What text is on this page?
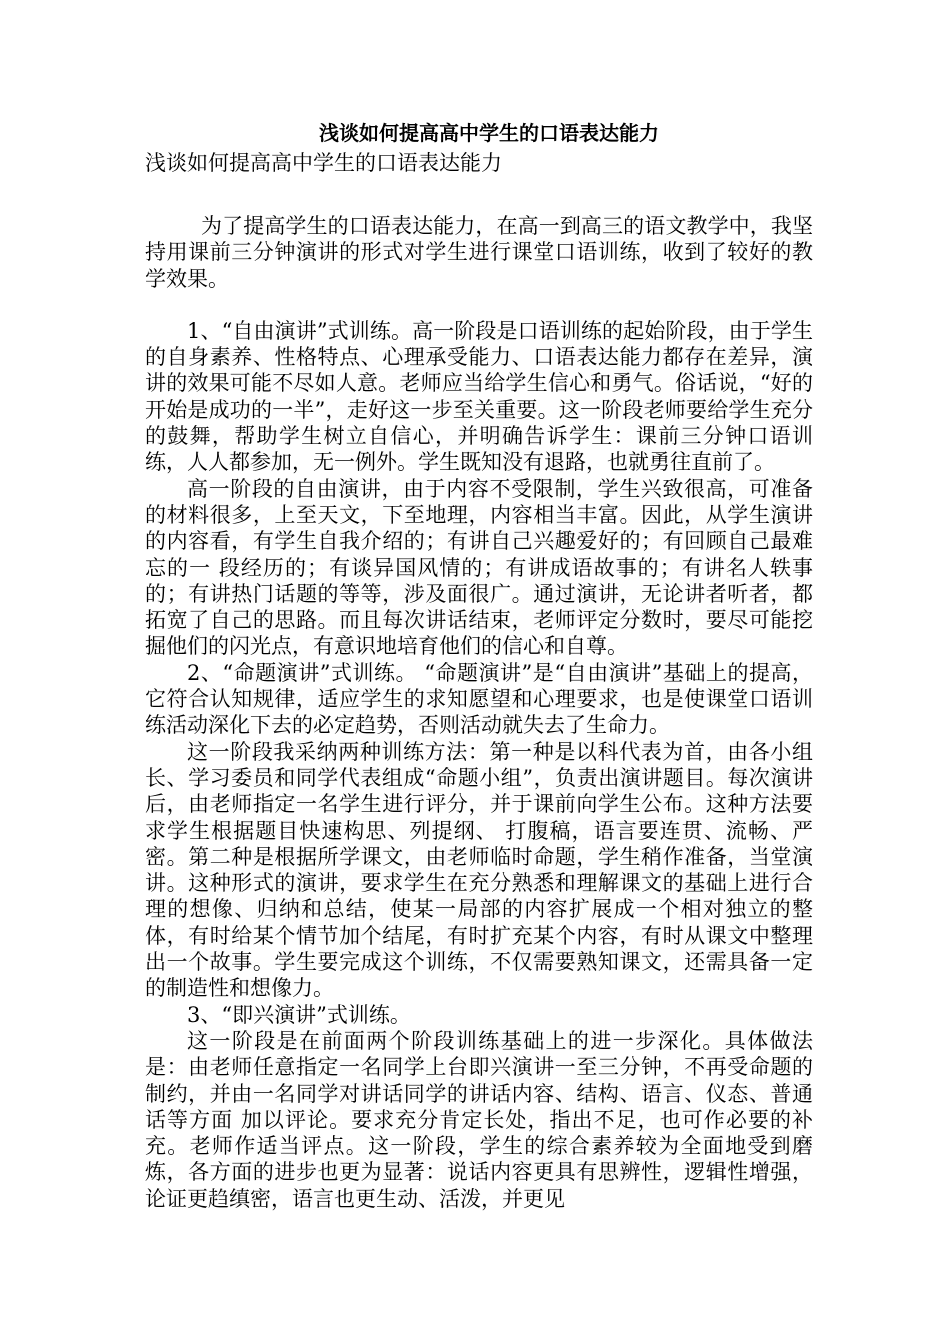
浅谈如何提高高中学生的口语表达能力

浅谈如何提高高中学生的口语表达能力

为了提高学生的口语表达能力，在高一到高三的语文教学中，我坚持用课前三分钟演讲的形式对学生进行课堂口语训练，收到了较好的教学效果。

1、“自由演讲”式训练。高一阶段是口语训练的起始阶段，由于学生的自身素养、性格特点、心理承受能力、口语表达能力都存在差异，演讲的效果可能不尽如人意。老师应当给学生信心和勇气。俗话说，“好的开始是成功的一半”，走好这一步至关重要。这一阶段老师要给学生充分的鼓舞，帮助学生树立自信心，并明确告诉学生：课前三分钟口语训练，人人都参加，无一例外。学生既知没有退路，也就勇往直前了。

高一阶段的自由演讲，由于内容不受限制，学生兴致很高，可准备的材料很多，上至天文，下至地理，内容相当丰富。因此，从学生演讲的内容看，有学生自我介绍的；有讲自己兴趣爱好的；有回顾自己最难忘的一 段经历的；有谈异国风情的；有讲成语故事的；有讲名人轶事的；有讲热门话题的等等，涉及面很广。通过演讲，无论讲者听者，都拓宽了自己的思路。而且每次讲话结束，老师评定分数时，要尽可能挖掘他们的闪光点，有意识地培育他们的信心和自尊。

2、“命题演讲”式训练。 “命题演讲”是“自由演讲”基础上的提高，它符合认知规律，适应学生的求知愿望和心理要求，也是使课堂口语训练活动深化下去的必定趋势，否则活动就失去了生命力。

这一阶段我采纳两种训练方法：第一种是以科代表为首，由各小组长、学习委员和同学代表组成“命题小组”，负责出演讲题目。每次演讲后，由老师指定一名学生进行评分，并于课前向学生公布。这种方法要求学生根据题目快速构思、列提纲、 打腹稿，语言要连贯、流畅、严密。第二种是根据所学课文，由老师临时命题，学生稍作准备，当堂演讲。这种形式的演讲，要求学生在充分熟悉和理解课文的基础上进行合理的想像、归纳和总结，使某一局部的内容扩展成一个相对独立的整体，有时给某个情节加个结尾，有时扩充某个内容，有时从课文中整理出一个故事。学生要完成这个训练，不仅需要熟知课文，还需具备一定的制造性和想像力。

3、“即兴演讲”式训练。

这一阶段是在前面两个阶段训练基础上的进一步深化。具体做法是：由老师任意指定一名同学上台即兴演讲一至三分钟，不再受命题的制约，并由一名同学对讲话同学的讲话内容、结构、语言、仪态、普通话等方面 加以评论。要求充分肯定长处，指出不足，也可作必要的补充。老师作适当评点。这一阶段，学生的综合素养较为全面地受到磨炼，各方面的进步也更为显著：说话内容更具有思辨性，逻辑性增强，论证更趋缜密，语言也更生动、活泼，并更见
